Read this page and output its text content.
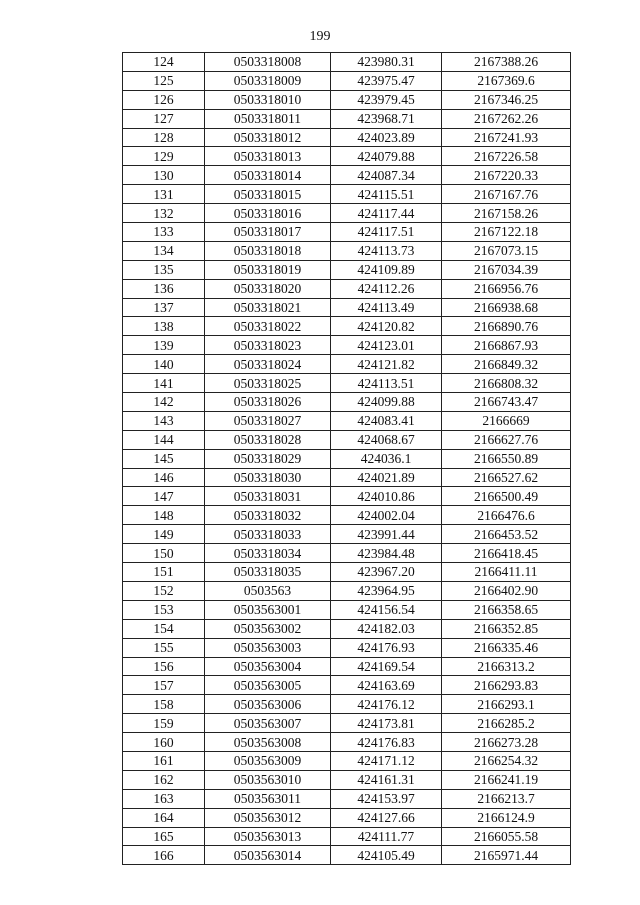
199
124	0503318008	423980.31	2167388.26
125	0503318009	423975.47	2167369.6
126	0503318010	423979.45	2167346.25
127	0503318011	423968.71	2167262.26
128	0503318012	424023.89	2167241.93
129	0503318013	424079.88	2167226.58
130	0503318014	424087.34	2167220.33
131	0503318015	424115.51	2167167.76
132	0503318016	424117.44	2167158.26
133	0503318017	424117.51	2167122.18
134	0503318018	424113.73	2167073.15
135	0503318019	424109.89	2167034.39
136	0503318020	424112.26	2166956.76
137	0503318021	424113.49	2166938.68
138	0503318022	424120.82	2166890.76
139	0503318023	424123.01	2166867.93
140	0503318024	424121.82	2166849.32
141	0503318025	424113.51	2166808.32
142	0503318026	424099.88	2166743.47
143	0503318027	424083.41	2166669
144	0503318028	424068.67	2166627.76
145	0503318029	424036.1	2166550.89
146	0503318030	424021.89	2166527.62
147	0503318031	424010.86	2166500.49
148	0503318032	424002.04	2166476.6
149	0503318033	423991.44	2166453.52
150	0503318034	423984.48	2166418.45
151	0503318035	423967.20	2166411.11
152	0503563	423964.95	2166402.90
153	0503563001	424156.54	2166358.65
154	0503563002	424182.03	2166352.85
155	0503563003	424176.93	2166335.46
156	0503563004	424169.54	2166313.2
157	0503563005	424163.69	2166293.83
158	0503563006	424176.12	2166293.1
159	0503563007	424173.81	2166285.2
160	0503563008	424176.83	2166273.28
161	0503563009	424171.12	2166254.32
162	0503563010	424161.31	2166241.19
163	0503563011	424153.97	2166213.7
164	0503563012	424127.66	2166124.9
165	0503563013	424111.77	2166055.58
166	0503563014	424105.49	2165971.44
